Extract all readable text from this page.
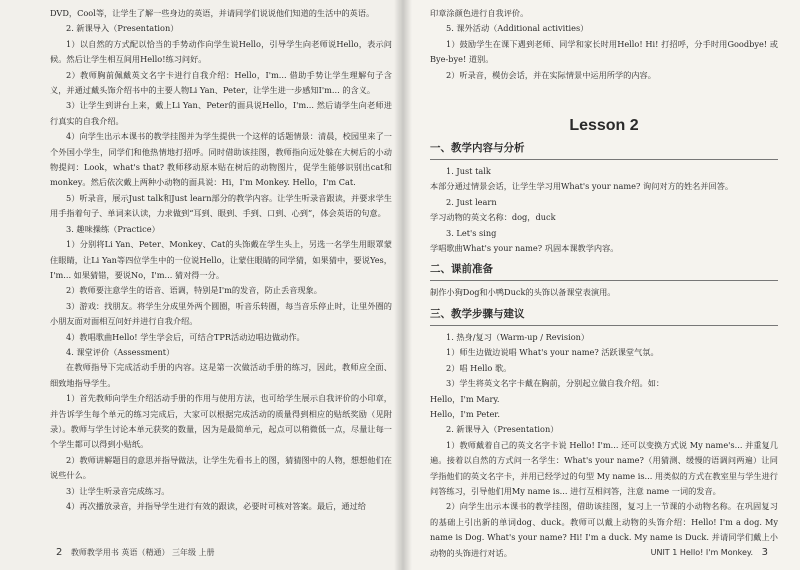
DVD，Cool等，让学生了解一些身边的英语，并请同学们说说他们知道的生活中的英语。

2. 新课导入（Presentation）

1）以自然的方式配以恰当的手势动作向学生说Hello，引导学生向老师说Hello，表示问候。然后让学生相互间用Hello!练习问好。

2）教师胸前佩戴英文名字卡进行自我介绍：Hello，I'm... 借助手势让学生理解句子含义，并通过戴头饰介绍书中的主要人物Li Yan、Peter，让学生进一步感知I'm... 的含义。

3）让学生到讲台上来，戴上Li Yan、Peter的面具说Hello，I'm... 然后请学生向老师进行真实的自我介绍。

4）向学生出示本课书的教学挂图并为学生提供一个这样的话题情景：清晨，校园里来了一个外国小学生，同学们和他热情地打招呼。同时借助该挂图，教师指向远处躲在大树后的小动物提问：Look，what's that? 教师移动原本贴在树后的动物图片，促学生能够识别出cat和monkey。然后依次戴上两种小动物的面具说：Hi，I'm Monkey. Hello，I'm Cat.

5）听录音，展示Just talk和Just learn部分的教学内容。让学生听录音跟读，并要求学生用手指着句子、单词来认读，力求做到“耳到、眼到、手到、口到、心到”，体会英语的句意。

3. 趣味操练（Practice）

1）分别将Li Yan、Peter、Monkey、Cat的头饰戴在学生头上，另选一名学生用眼罩蒙住眼睛，让Li Yan等四位学生中的一位说Hello，让蒙住眼睛的同学猜，如果猜中，要说Yes，I'm... 如果猜错，要说No，I'm... 猜对得一分。

2）教师要注意学生的语音、语调，特别是I'm的发音，防止丢音现象。

3）游戏：找朋友。将学生分成里外两个圆圈，听音乐转圈，每当音乐停止时，让里外圈的小朋友面对面相互问好并进行自我介绍。

4）教唱歌曲Hello! 学生学会后，可结合TPR活动边唱边做动作。

4. 课堂评价（Assessment）

在教师指导下完成活动手册的内容。这是第一次做活动手册的练习，因此，教师应全面、细致地指导学生。

1）首先教师向学生介绍活动手册的作用与使用方法，也可给学生展示自我评价的小印章，并告诉学生每个单元的练习完成后，大家可以根据完成活动的质量得到相应的贴纸奖励（见附录）。教师与学生讨论本单元获奖的数量，因为是最简单元，起点可以稍微低一点，尽量让每一个学生都可以得到小贴纸。

2）教师讲解题目的意思并指导做法，让学生先看书上的图，猜猜图中的人物，想想他们在说些什么。

3）让学生听录音完成练习。

4）再次播放录音，并指导学生进行有效的跟读，必要时可核对答案。最后，通过给

2 教师教学用书 英语（精通） 三年级 上册

印章涂颜色进行自我评价。

5. 课外活动（Additional activities）

1）鼓励学生在课下遇到老师、同学和家长时用Hello! Hi! 打招呼，分手时用Goodbye! 或Bye-bye! 道别。

2）听录音，模仿会话，并在实际情景中运用所学的内容。

Lesson 2
一、教学内容与分析

1. Just talk

本部分通过情景会话，让学生学习用What's your name? 询问对方的姓名并回答。

2. Just learn

学习动物的英文名称：dog，duck

3. Let's sing

学唱歌曲What's your name? 巩固本课教学内容。

二、课前准备

制作小狗Dog和小鸭Duck的头饰以备课堂表演用。

三、教学步骤与建议

1. 热身/复习（Warm-up / Revision）

1）师生边做边说唱 What's your name? 活跃课堂气氛。

2）唱 Hello 歌。

3）学生将英文名字卡戴在胸前，分别起立做自我介绍。如：

Hello，I'm Mary.

Hello，I'm Peter.

2. 新课导入（Presentation）

1）教师戴着自己的英文名字卡说 Hello! I'm... 还可以变换方式说 My name's... 并重复几遍。接着以自然的方式问一名学生：What's your name?（用猜测、缓慢的语调问两遍）让同学指他们的英文名字卡，并用已经学过的句型 My name is... 用类似的方式在教室里与学生进行问答练习，引导他们用My name is... 进行互相问答，注意 name 一词的发音。

2）向学生出示本课书的教学挂图，借助该挂图，复习上一节课的小动物名称。在巩固复习的基础上引出新的单词dog、duck。教师可以戴上动物的头饰介绍：Hello! I'm a dog. My name is Dog. What's your name? Hi! I'm a duck. My name is Duck. 并请同学们戴上小动物的头饰进行对话。	UNIT 1 Hello! I'm Monkey. 3
